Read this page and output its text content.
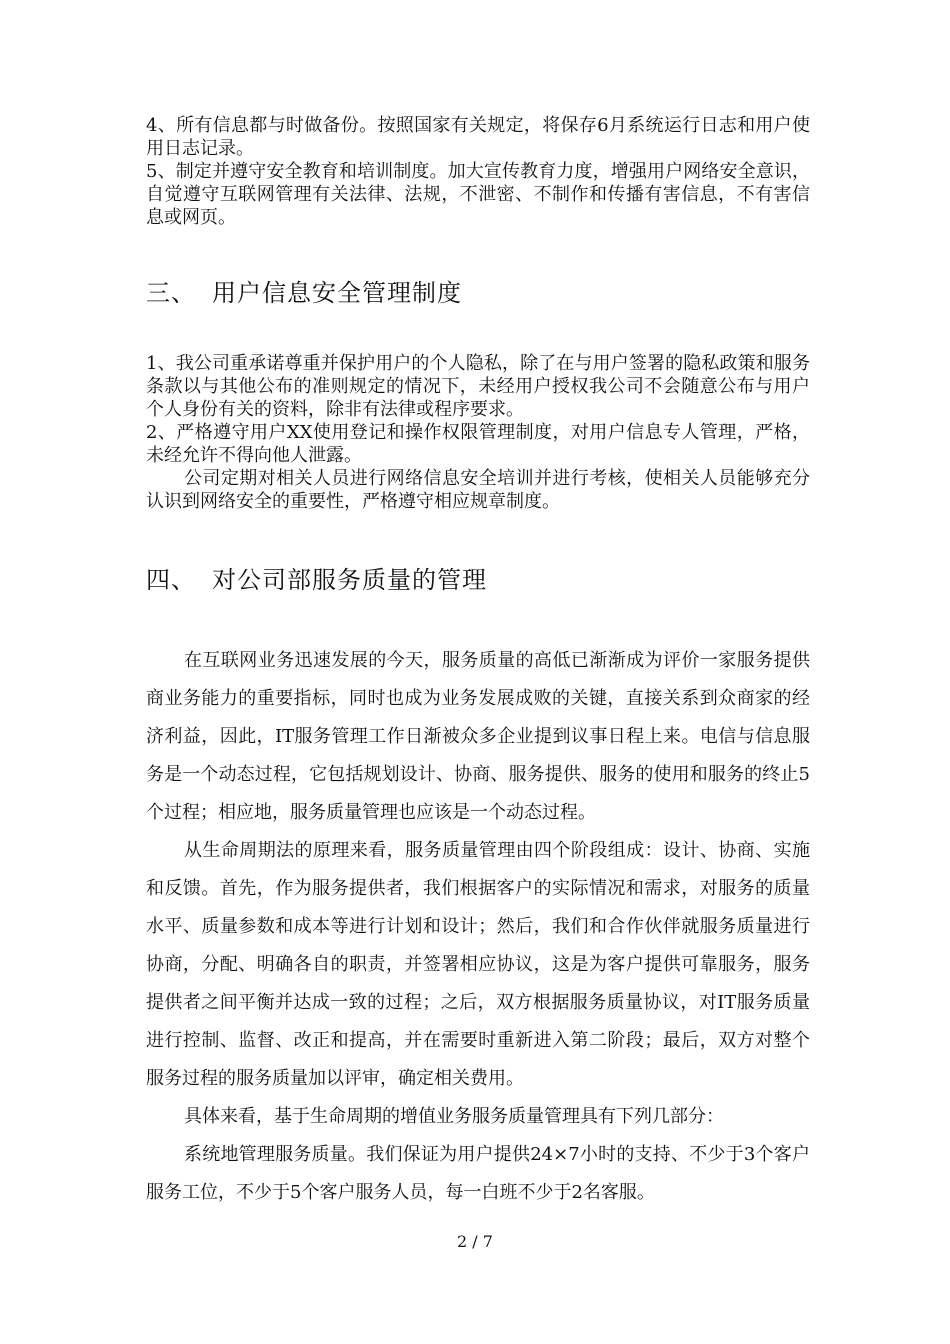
4、所有信息都与时做备份。按照国家有关规定，将保存6月系统运行日志和用户使用日志记录。

5、制定并遵守安全教育和培训制度。加大宣传教育力度，增强用户网络安全意识，自觉遵守互联网管理有关法律、法规，不泄密、不制作和传播有害信息，不有害信息或网页。

三、 用户信息安全管理制度

1、我公司重承诺尊重并保护用户的个人隐私，除了在与用户签署的隐私政策和服务条款以与其他公布的准则规定的情况下，未经用户授权我公司不会随意公布与用户个人身份有关的资料，除非有法律或程序要求。

2、严格遵守用户XX使用登记和操作权限管理制度，对用户信息专人管理，严格，未经允许不得向他人泄露。

公司定期对相关人员进行网络信息安全培训并进行考核，使相关人员能够充分认识到网络安全的重要性，严格遵守相应规章制度。

四、 对公司部服务质量的管理

在互联网业务迅速发展的今天，服务质量的高低已渐渐成为评价一家服务提供商业务能力的重要指标，同时也成为业务发展成败的关键，直接关系到众商家的经济利益，因此，IT服务管理工作日渐被众多企业提到议事日程上来。电信与信息服务是一个动态过程，它包括规划设计、协商、服务提供、服务的使用和服务的终止5个过程；相应地，服务质量管理也应该是一个动态过程。

从生命周期法的原理来看，服务质量管理由四个阶段组成：设计、协商、实施和反馈。首先，作为服务提供者，我们根据客户的实际情况和需求，对服务的质量水平、质量参数和成本等进行计划和设计；然后，我们和合作伙伴就服务质量进行协商，分配、明确各自的职责，并签署相应协议，这是为客户提供可靠服务，服务提供者之间平衡并达成一致的过程；之后，双方根据服务质量协议，对IT服务质量进行控制、监督、改正和提高，并在需要时重新进入第二阶段；最后，双方对整个服务过程的服务质量加以评审，确定相关费用。

具体来看，基于生命周期的增值业务服务质量管理具有下列几部分：

系统地管理服务质量。我们保证为用户提供24×7小时的支持、不少于3个客户服务工位，不少于5个客户服务人员，每一白班不少于2名客服。

2 / 7
